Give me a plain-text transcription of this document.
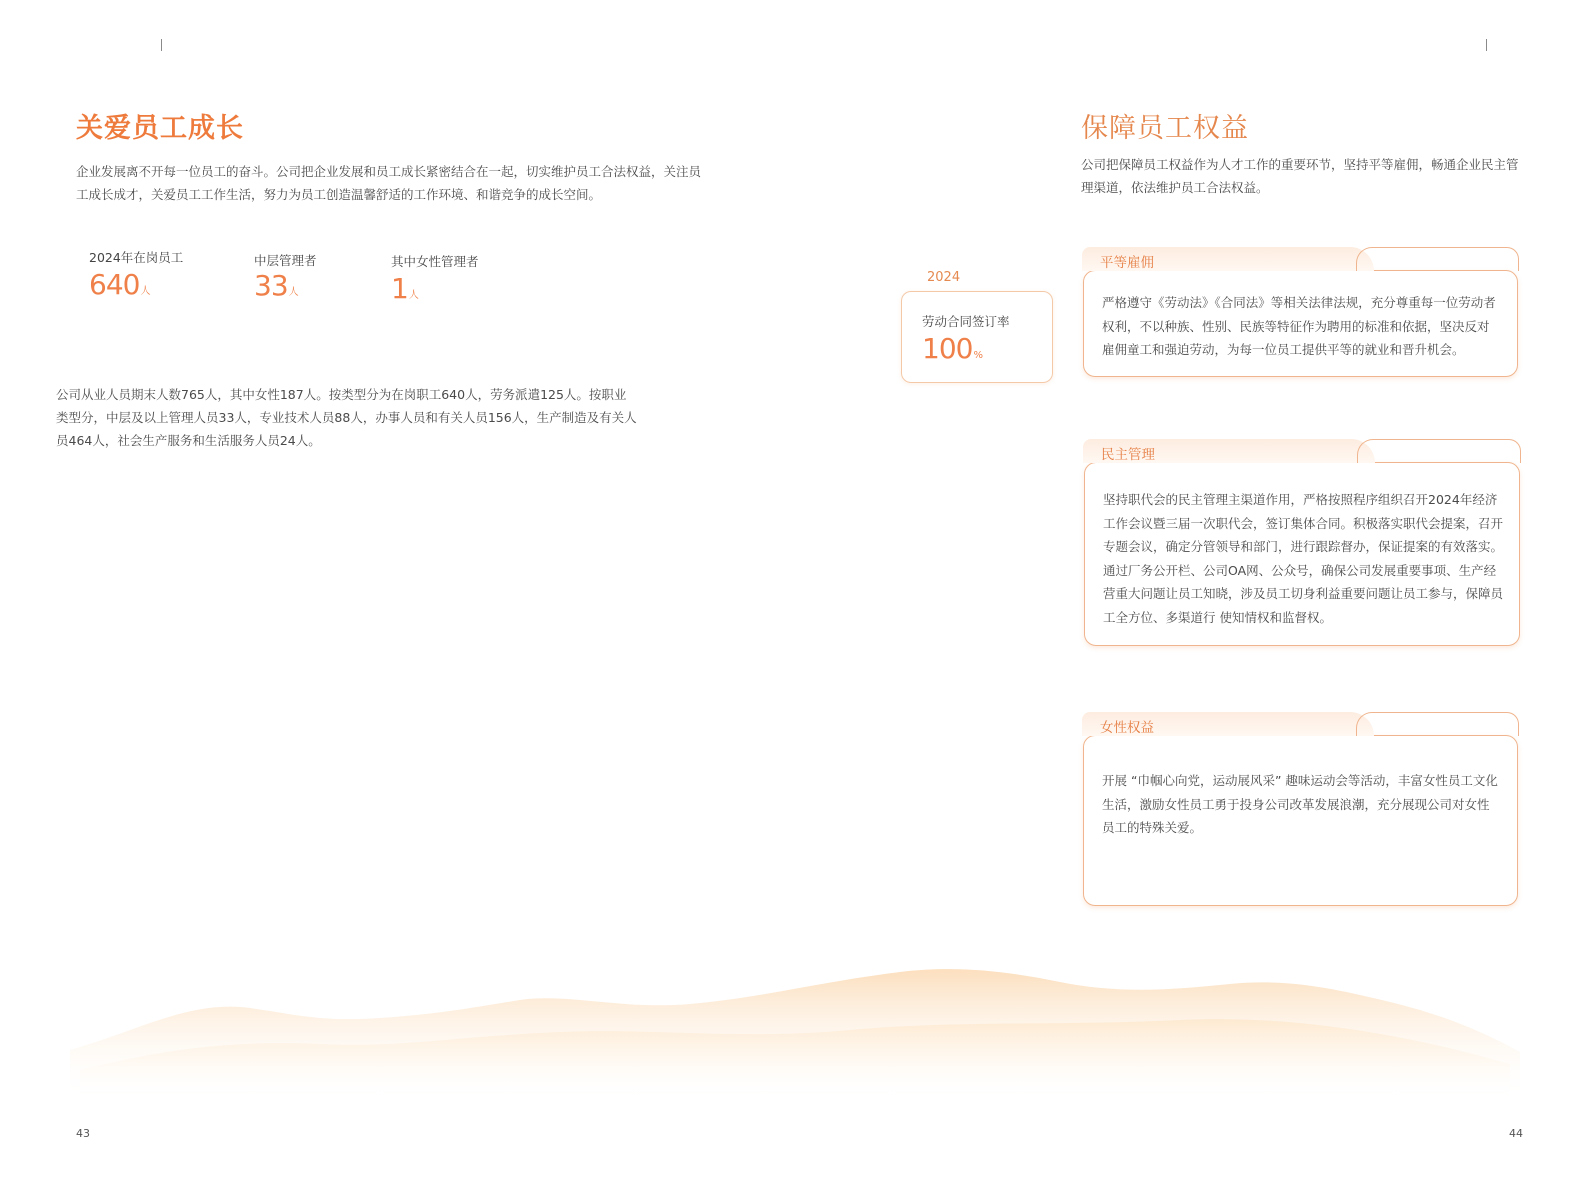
关爱员工成长
企业发展离不开每一位员工的奋斗。公司把企业发展和员工成长紧密结合在一起，切实维护员工合法权益，关注员工成长成才，关爱员工工作生活，努力为员工创造温馨舒适的工作环境、和谐竞争的成长空间。
2024年在岗员工
640人
中层管理者
33人
其中女性管理者
1人
公司从业人员期末人数765人，其中女性187人。按类型分为在岗职工640人，劳务派遣125人。按职业类型分，中层及以上管理人员33人，专业技术人员88人，办事人员和有关人员156人，生产制造及有关人员464人，社会生产服务和生活服务人员24人。
2024
劳动合同签订率
100%
保障员工权益
公司把保障员工权益作为人才工作的重要环节，坚持平等雇佣，畅通企业民主管理渠道，依法维护员工合法权益。
平等雇佣
严格遵守《劳动法》《合同法》等相关法律法规，充分尊重每一位劳动者权利，不以种族、性别、民族等特征作为聘用的标准和依据，坚决反对雇佣童工和强迫劳动，为每一位员工提供平等的就业和晋升机会。
民主管理
坚持职代会的民主管理主渠道作用，严格按照程序组织召开2024年经济工作会议暨三届一次职代会，签订集体合同。积极落实职代会提案，召开专题会议，确定分管领导和部门，进行跟踪督办，保证提案的有效落实。通过厂务公开栏、公司OA网、公众号，确保公司发展重要事项、生产经营重大问题让员工知晓，涉及员工切身利益重要问题让员工参与，保障员工全方位、多渠道行 使知情权和监督权。
女性权益
开展 “巾帼心向党，运动展风采” 趣味运动会等活动，丰富女性员工文化生活，激励女性员工勇于投身公司改革发展浪潮，充分展现公司对女性员工的特殊关爱。
43	44
